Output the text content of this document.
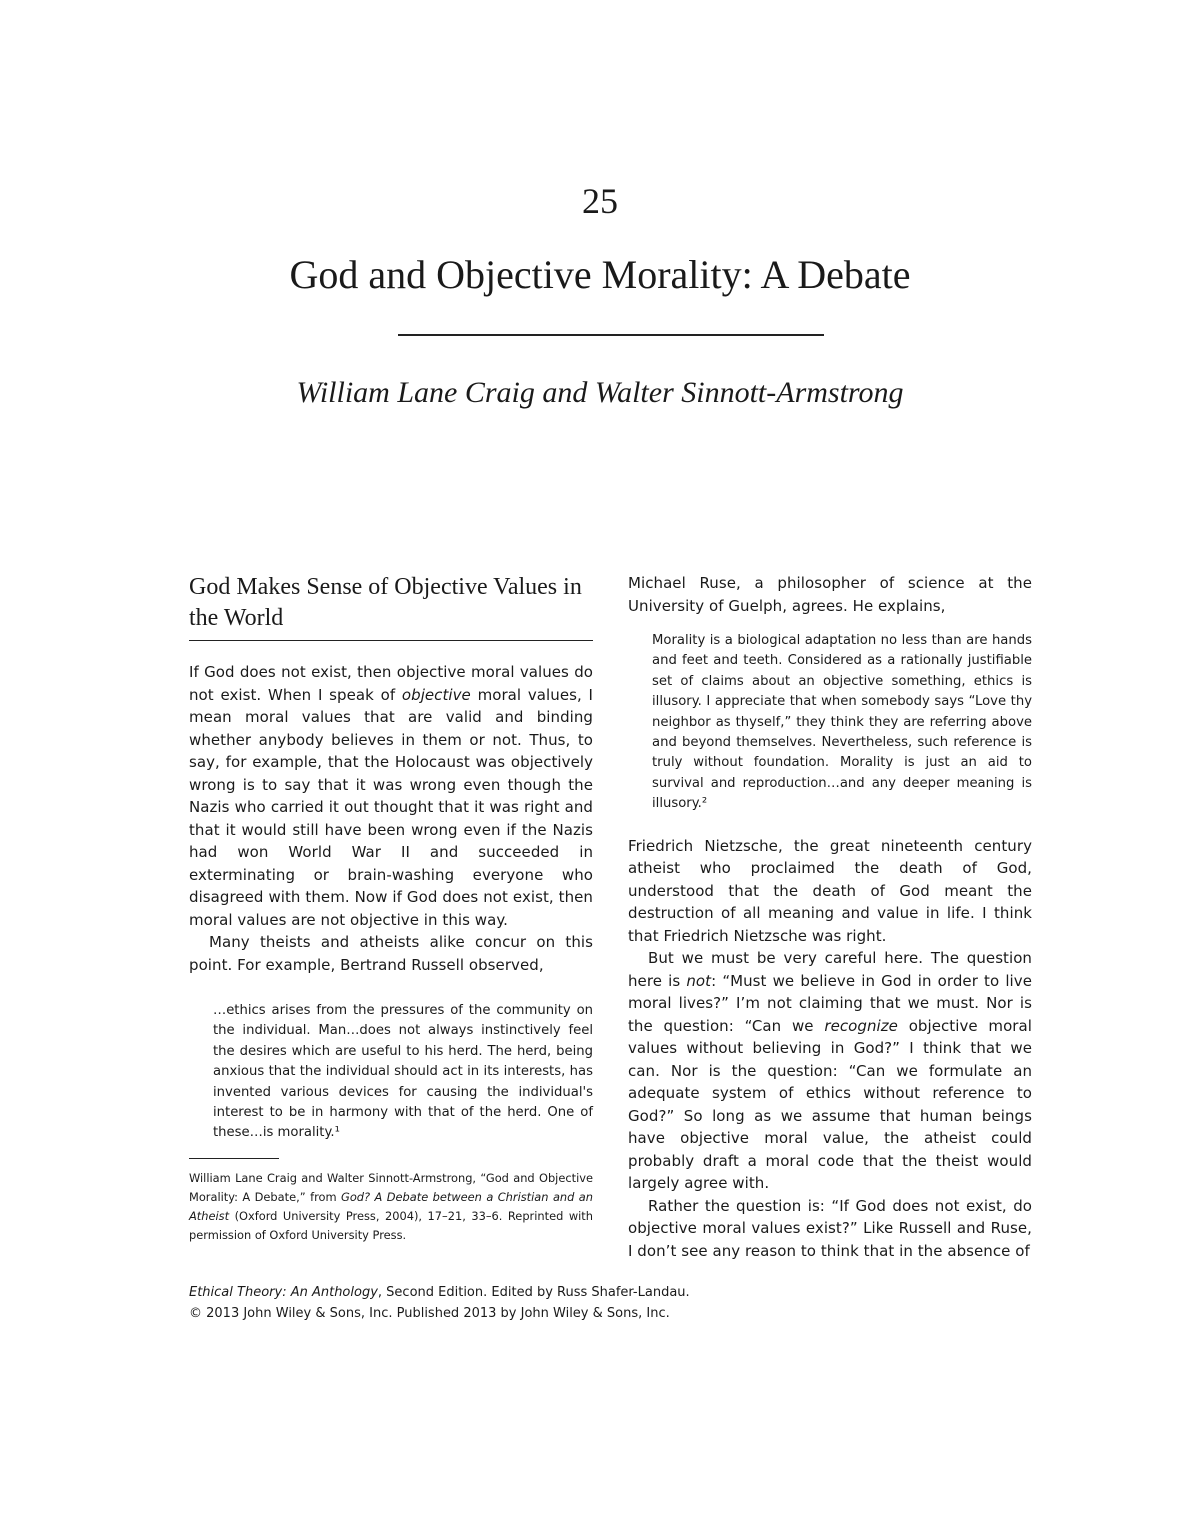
25
God and Objective Morality: A Debate
William Lane Craig and Walter Sinnott-Armstrong
God Makes Sense of Objective Values in the World

If God does not exist, then objective moral values do not exist. When I speak of objective moral values, I mean moral values that are valid and binding whether anybody believes in them or not. Thus, to say, for example, that the Holocaust was objectively wrong is to say that it was wrong even though the Nazis who carried it out thought that it was right and that it would still have been wrong even if the Nazis had won World War II and succeeded in exterminating or brain-washing everyone who disagreed with them. Now if God does not exist, then moral values are not objective in this way.

Many theists and atheists alike concur on this point. For example, Bertrand Russell observed,

…ethics arises from the pressures of the community on the individual. Man…does not always instinctively feel the desires which are useful to his herd. The herd, being anxious that the individual should act in its interests, has invented various devices for causing the individual's interest to be in harmony with that of the herd. One of these…is morality.¹

William Lane Craig and Walter Sinnott-Armstrong, “God and Objective Morality: A Debate,” from God? A Debate between a Christian and an Atheist (Oxford University Press, 2004), 17–21, 33–6. Reprinted with permission of Oxford University Press.

Michael Ruse, a philosopher of science at the University of Guelph, agrees. He explains,

Morality is a biological adaptation no less than are hands and feet and teeth. Considered as a rationally justifiable set of claims about an objective something, ethics is illusory. I appreciate that when somebody says “Love thy neighbor as thyself,” they think they are referring above and beyond themselves. Nevertheless, such reference is truly without foundation. Morality is just an aid to survival and reproduction…and any deeper meaning is illusory.²

Friedrich Nietzsche, the great nineteenth century atheist who proclaimed the death of God, understood that the death of God meant the destruction of all meaning and value in life. I think that Friedrich Nietzsche was right.

But we must be very careful here. The question here is not: “Must we believe in God in order to live moral lives?” I’m not claiming that we must. Nor is the question: “Can we recognize objective moral values without believing in God?” I think that we can. Nor is the question: “Can we formulate an adequate system of ethics without reference to God?” So long as we assume that human beings have objective moral value, the atheist could probably draft a moral code that the theist would largely agree with.

Rather the question is: “If God does not exist, do objective moral values exist?” Like Russell and Ruse, I don’t see any reason to think that in the absence of

Ethical Theory: An Anthology, Second Edition. Edited by Russ Shafer-Landau.

© 2013 John Wiley & Sons, Inc. Published 2013 by John Wiley & Sons, Inc.
